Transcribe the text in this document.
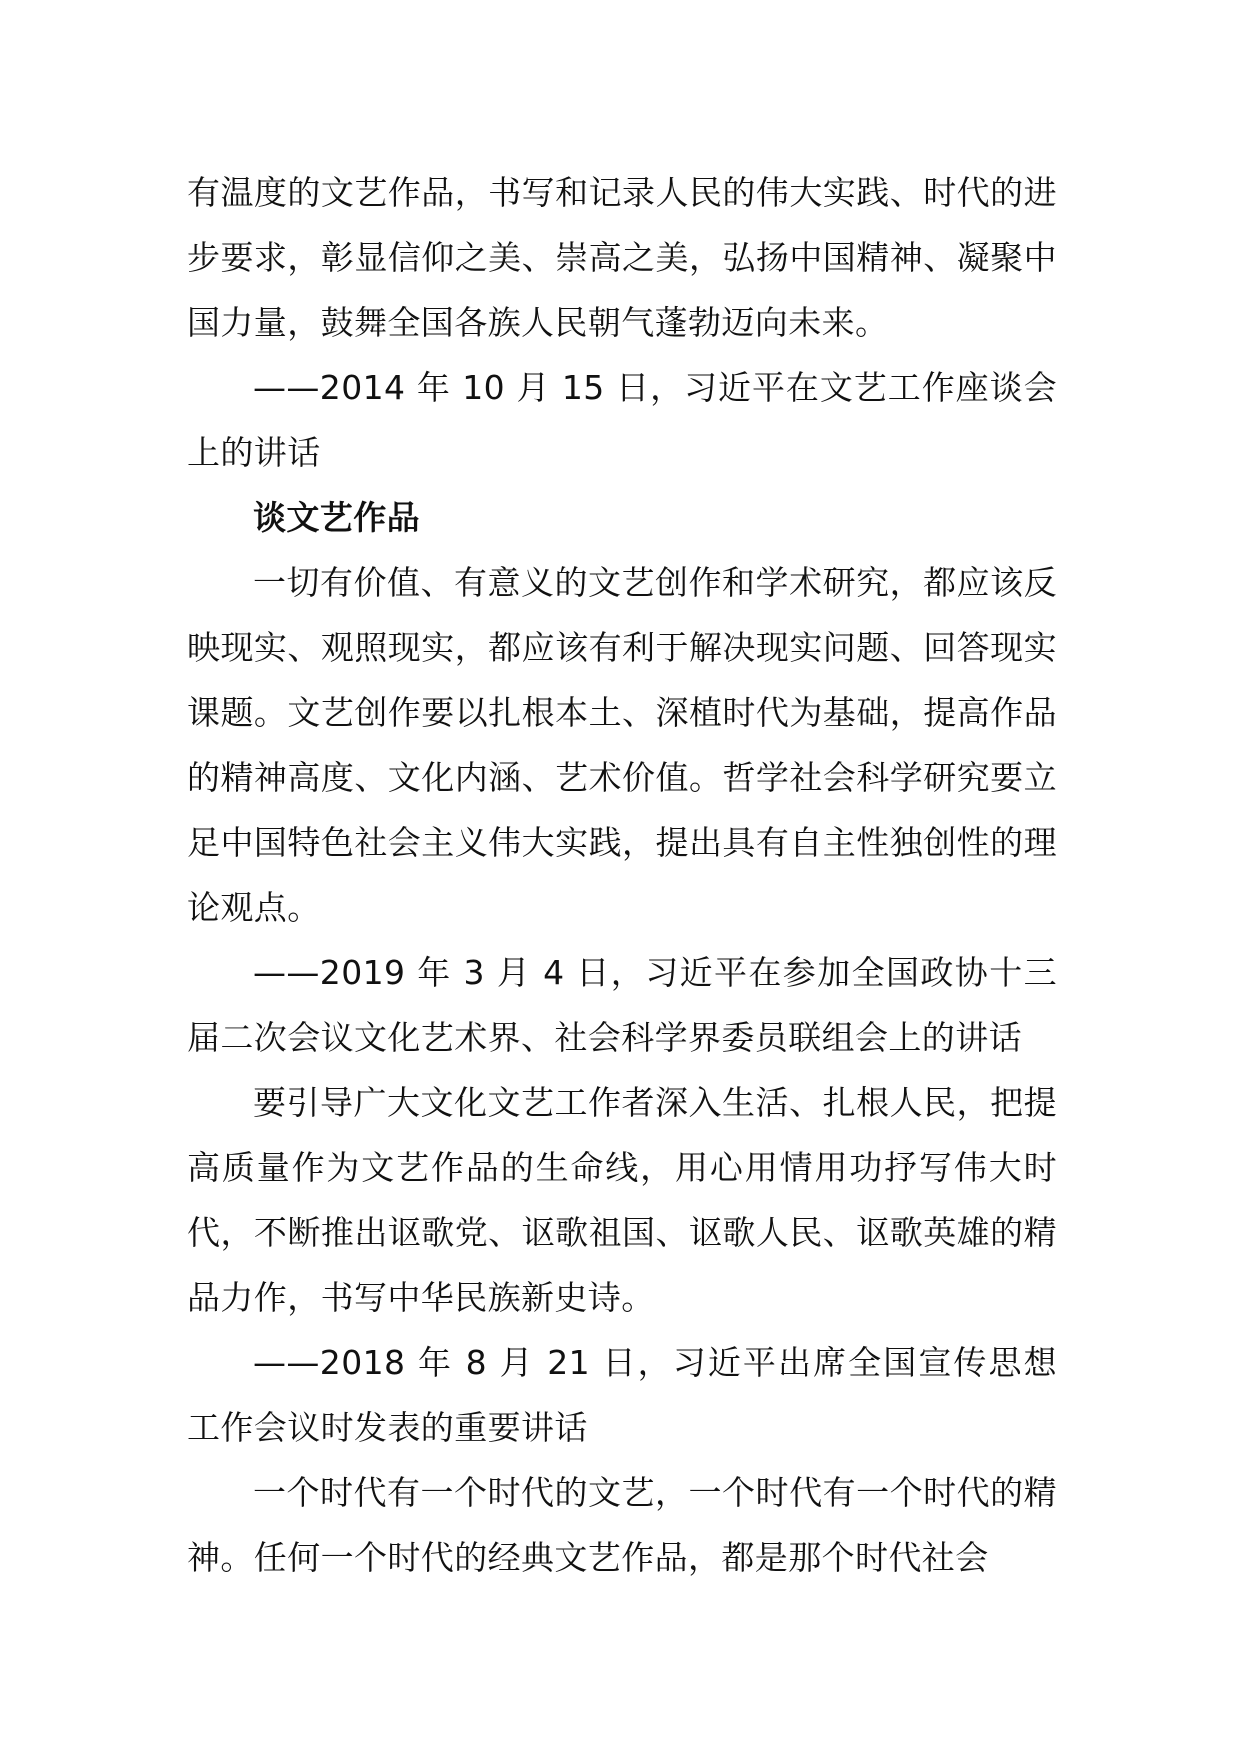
有温度的文艺作品，书写和记录人民的伟大实践、时代的进步要求，彰显信仰之美、崇高之美，弘扬中国精神、凝聚中国力量，鼓舞全国各族人民朝气蓬勃迈向未来。

——2014 年 10 月 15 日，习近平在文艺工作座谈会上的讲话

谈文艺作品

一切有价值、有意义的文艺创作和学术研究，都应该反映现实、观照现实，都应该有利于解决现实问题、回答现实课题。文艺创作要以扎根本土、深植时代为基础，提高作品的精神高度、文化内涵、艺术价值。哲学社会科学研究要立足中国特色社会主义伟大实践，提出具有自主性独创性的理论观点。

——2019 年 3 月 4 日，习近平在参加全国政协十三届二次会议文化艺术界、社会科学界委员联组会上的讲话

要引导广大文化文艺工作者深入生活、扎根人民，把提高质量作为文艺作品的生命线，用心用情用功抒写伟大时代，不断推出讴歌党、讴歌祖国、讴歌人民、讴歌英雄的精品力作，书写中华民族新史诗。

——2018 年 8 月 21 日，习近平出席全国宣传思想工作会议时发表的重要讲话

一个时代有一个时代的文艺，一个时代有一个时代的精神。任何一个时代的经典文艺作品，都是那个时代社会
